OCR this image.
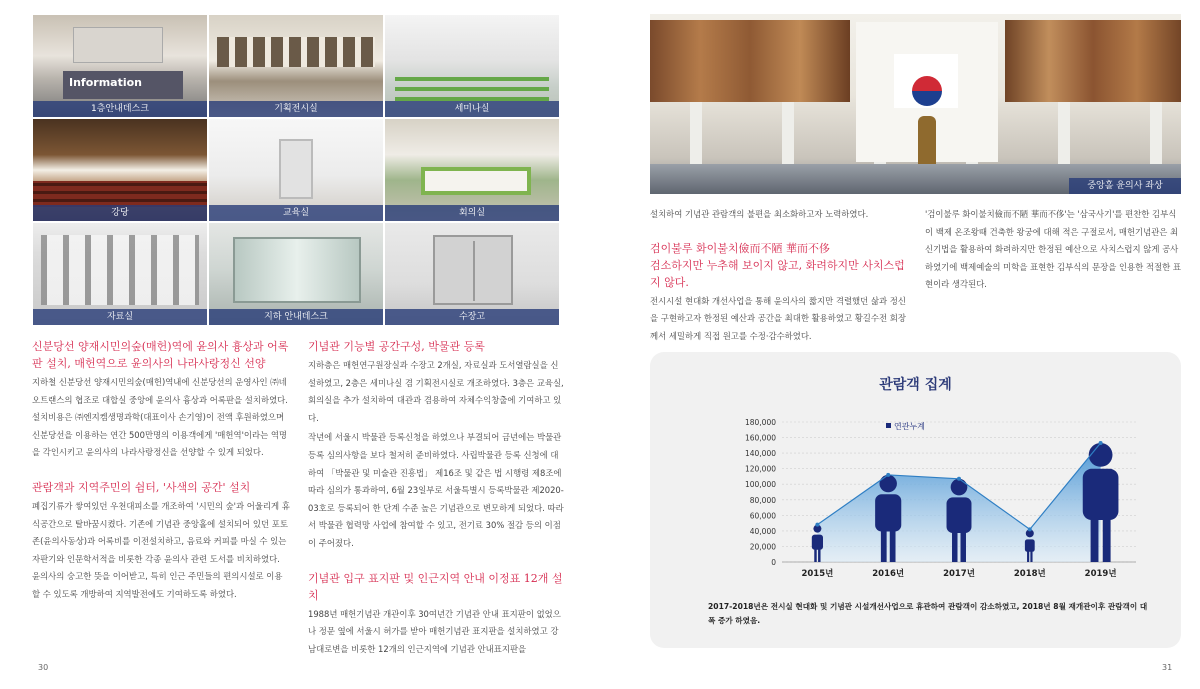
Information
1층안내데스크	기획전시실	세미나실
강당	교육실	회의실
자료실	지하 안내데스크	수장고
신분당선 양재시민의숲(매헌)역에 윤의사 흉상과 어록판 설치, 매헌역으로 윤의사의 나라사랑정신 선양

지하철 신분당선 양재시민의숲(매헌)역내에 신분당선의 운영사인 ㈜네오트랜스의 협조로 대합실 중앙에 윤의사 흉상과 어록판을 설치하였다. 설치비용은 ㈜엔지켐생명과학(대표이사 손기영)이 전액 후원하였으며 신분당선을 이용하는 연간 500만명의 이용객에게 '매헌역'이라는 역명을 각인시키고 윤의사의 나라사랑정신을 선양할 수 있게 되었다.

관람객과 지역주민의 쉼터, '사색의 공간' 설치

폐집기류가 쌓여있던 우천대피소를 개조하여 '시민의 숲'과 어울리게 휴식공간으로 탈바꿈시켰다. 기존에 기념관 중앙홀에 설치되어 있던 포토존(윤의사동상)과 어록비를 이전설치하고, 음료와 커피를 마실 수 있는 자판기와 인문학서적을 비롯한 각종 윤의사 관련 도서를 비치하였다. 윤의사의 숭고한 뜻을 이어받고, 특히 인근 주민들의 편의시설로 이용할 수 있도록 개방하여 지역발전에도 기여하도록 하였다.

기념관 기능별 공간구성, 박물관 등록

지하층은 매헌연구원장실과 수장고 2개실, 자료실과 도서열람실을 신설하였고, 2층은 세미나실 겸 기획전시실로 개조하였다. 3층은 교육실, 회의실을 추가 설치하여 대관과 겸용하여 자체수익창출에 기여하고 있다.

작년에 서울시 박물관 등록신청을 하였으나 부결되어 금년에는 박물관 등록 심의사항을 보다 철저히 준비하였다. 사립박물관 등록 신청에 대하여 「박물관 및 미술관 진흥법」 제16조 및 같은 법 시행령 제8조에 따라 심의가 통과하여, 6월 23일부로 서울특별시 등록박물관 제2020-03호로 등록되어 한 단계 수준 높은 기념관으로 변모하게 되었다. 따라서 박물관 협력망 사업에 참여할 수 있고, 전기료 30% 절감 등의 이점이 주어졌다.

기념관 입구 표지판 및 인근지역 안내 이정표 12개 설치

1988년 매헌기념관 개관이후 30여년간 기념관 안내 표지판이 없었으나 정문 옆에 서울시 허가를 받아 매헌기념관 표지판을 설치하였고 강남대로변을 비롯한 12개의 인근지역에 기념관 안내표지판을

30
중앙홀 윤의사 좌상

설치하여 기념관 관람객의 불편을 최소화하고자 노력하였다.

검이불루 화이불치儉而不陋 華而不侈
검소하지만 누추해 보이지 않고, 화려하지만 사치스럽지 않다.

전시시설 현대화 개선사업을 통해 윤의사의 짧지만 격렬했던 삶과 정신을 구현하고자 한정된 예산과 공간을 최대한 활용하였고 황길수전 회장께서 세밀하게 직접 원고를 수정·감수하였다.

'검이불루 화이불치儉而不陋 華而不侈'는 '삼국사기'를 편찬한 김부식이 백제 온조왕때 건축한 왕궁에 대해 적은 구절로서, 매헌기념관은 최신기법을 활용하여 화려하지만 한정된 예산으로 사치스럽지 않게 공사하였기에 백제예술의 미학을 표현한 김부식의 문장을 인용한 적절한 표현이라 생각된다.

관람객 집계
0
20,000
40,000
60,000
80,000
100,000
120,000
140,000
160,000
180,000
2015년	2016년	2017년	2018년	2019년
연관누계
2017-2018년은 전시실 현대화 및 기념관 시설개선사업으로 휴관하여 관람객이 감소하였고, 2018년 8월 재개관이후 관람객이 대폭 증가 하였음.
31
